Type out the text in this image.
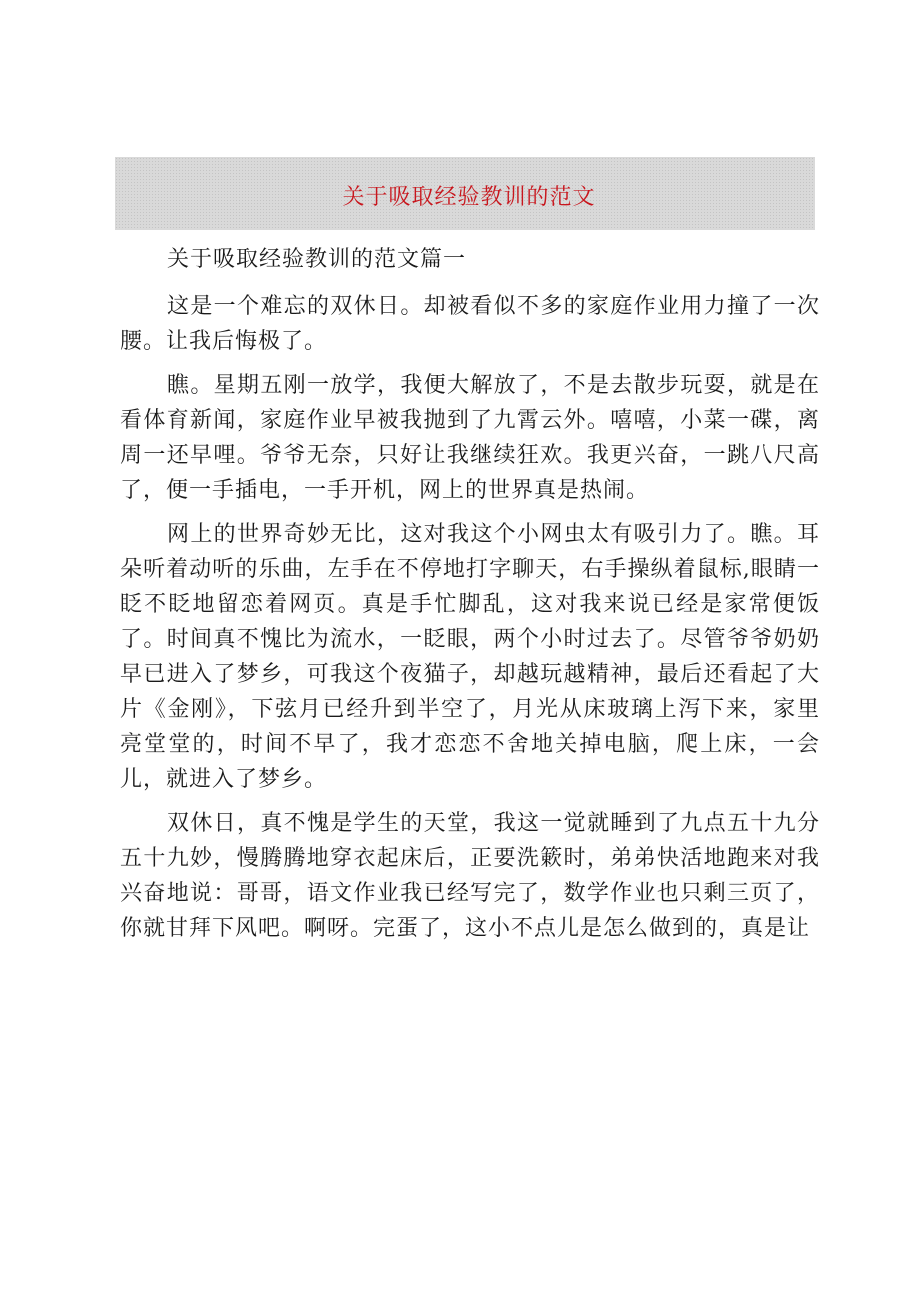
关于吸取经验教训的范文

关于吸取经验教训的范文篇一

这是一个难忘的双休日。却被看似不多的家庭作业用力撞了一次腰。让我后悔极了。

瞧。星期五刚一放学，我便大解放了，不是去散步玩耍，就是在看体育新闻，家庭作业早被我抛到了九霄云外。嘻嘻，小菜一碟，离周一还早哩。爷爷无奈，只好让我继续狂欢。我更兴奋，一跳八尺高了，便一手插电，一手开机，网上的世界真是热闹。

网上的世界奇妙无比，这对我这个小网虫太有吸引力了。瞧。耳朵听着动听的乐曲，左手在不停地打字聊天，右手操纵着鼠标,眼睛一眨不眨地留恋着网页。真是手忙脚乱，这对我来说已经是家常便饭了。时间真不愧比为流水，一眨眼，两个小时过去了。尽管爷爷奶奶早已进入了梦乡，可我这个夜猫子，却越玩越精神，最后还看起了大片《金刚》，下弦月已经升到半空了，月光从床玻璃上泻下来，家里亮堂堂的，时间不早了，我才恋恋不舍地关掉电脑，爬上床，一会儿，就进入了梦乡。

双休日，真不愧是学生的天堂，我这一觉就睡到了九点五十九分五十九妙，慢腾腾地穿衣起床后，正要洗簌时，弟弟快活地跑来对我兴奋地说：哥哥，语文作业我已经写完了，数学作业也只剩三页了，你就甘拜下风吧。啊呀。完蛋了，这小不点儿是怎么做到的，真是让
